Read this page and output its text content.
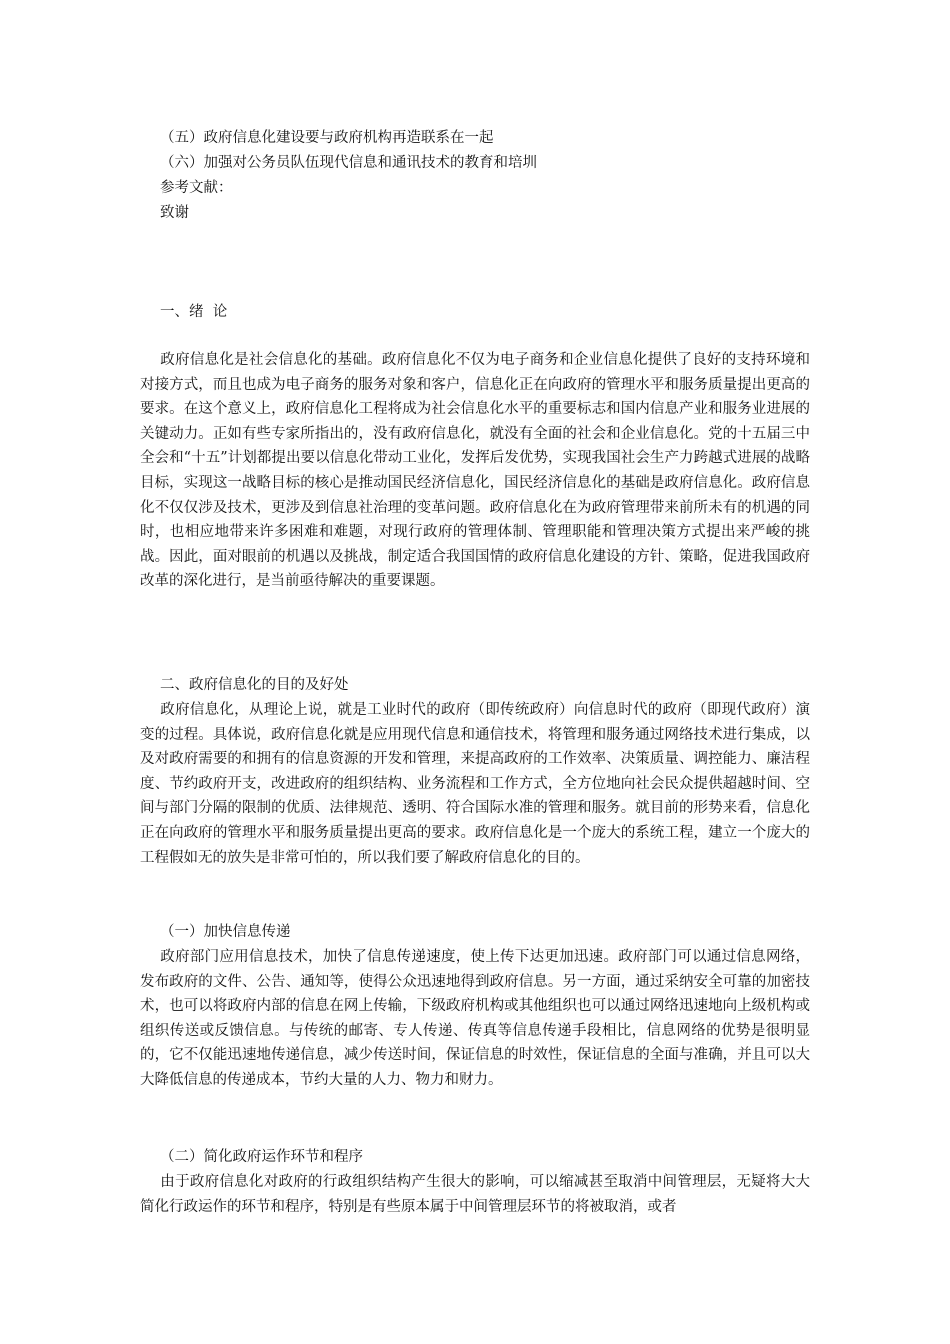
（五）政府信息化建设要与政府机构再造联系在一起
（六）加强对公务员队伍现代信息和通讯技术的教育和培圳
参考文献：
致谢
一、绪  论

政府信息化是社会信息化的基础。政府信息化不仅为电子商务和企业信息化提供了良好的支持环境和对接方式，而且也成为电子商务的服务对象和客户，信息化正在向政府的管理水平和服务质量提出更高的要求。在这个意义上，政府信息化工程将成为社会信息化水平的重要标志和国内信息产业和服务业进展的关键动力。正如有些专家所指出的，没有政府信息化，就没有全面的社会和企业信息化。党的十五届三中全会和“十五”计划都提出要以信息化带动工业化，发挥后发优势，实现我国社会生产力跨越式进展的战略目标，实现这一战略目标的核心是推动国民经济信息化，国民经济信息化的基础是政府信息化。政府信息化不仅仅涉及技术，更涉及到信息社治理的变革问题。政府信息化在为政府管理带来前所未有的机遇的同时，也相应地带来许多困难和难题，对现行政府的管理体制、管理职能和管理决策方式提出来严峻的挑战。因此，面对眼前的机遇以及挑战，制定适合我国国情的政府信息化建设的方针、策略，促进我国政府改革的深化进行，是当前亟待解决的重要课题。

二、政府信息化的目的及好处

政府信息化，从理论上说，就是工业时代的政府（即传统政府）向信息时代的政府（即现代政府）演变的过程。具体说，政府信息化就是应用现代信息和通信技术，将管理和服务通过网络技术进行集成，以及对政府需要的和拥有的信息资源的开发和管理，来提高政府的工作效率、决策质量、调控能力、廉洁程度、节约政府开支，改进政府的组织结构、业务流程和工作方式，全方位地向社会民众提供超越时间、空间与部门分隔的限制的优质、法律规范、透明、符合国际水准的管理和服务。就目前的形势来看，信息化正在向政府的管理水平和服务质量提出更高的要求。政府信息化是一个庞大的系统工程，建立一个庞大的工程假如无的放失是非常可怕的，所以我们要了解政府信息化的目的。

（一）加快信息传递

政府部门应用信息技术，加快了信息传递速度，使上传下达更加迅速。政府部门可以通过信息网络，发布政府的文件、公告、通知等，使得公众迅速地得到政府信息。另一方面，通过采纳安全可靠的加密技术，也可以将政府内部的信息在网上传输，下级政府机构或其他组织也可以通过网络迅速地向上级机构或组织传送或反馈信息。与传统的邮寄、专人传递、传真等信息传递手段相比，信息网络的优势是很明显的，它不仅能迅速地传递信息，减少传送时间，保证信息的时效性，保证信息的全面与准确，并且可以大大降低信息的传递成本，节约大量的人力、物力和财力。

（二）简化政府运作环节和程序

由于政府信息化对政府的行政组织结构产生很大的影响，可以缩减甚至取消中间管理层，无疑将大大简化行政运作的环节和程序，特别是有些原本属于中间管理层环节的将被取消，或者
